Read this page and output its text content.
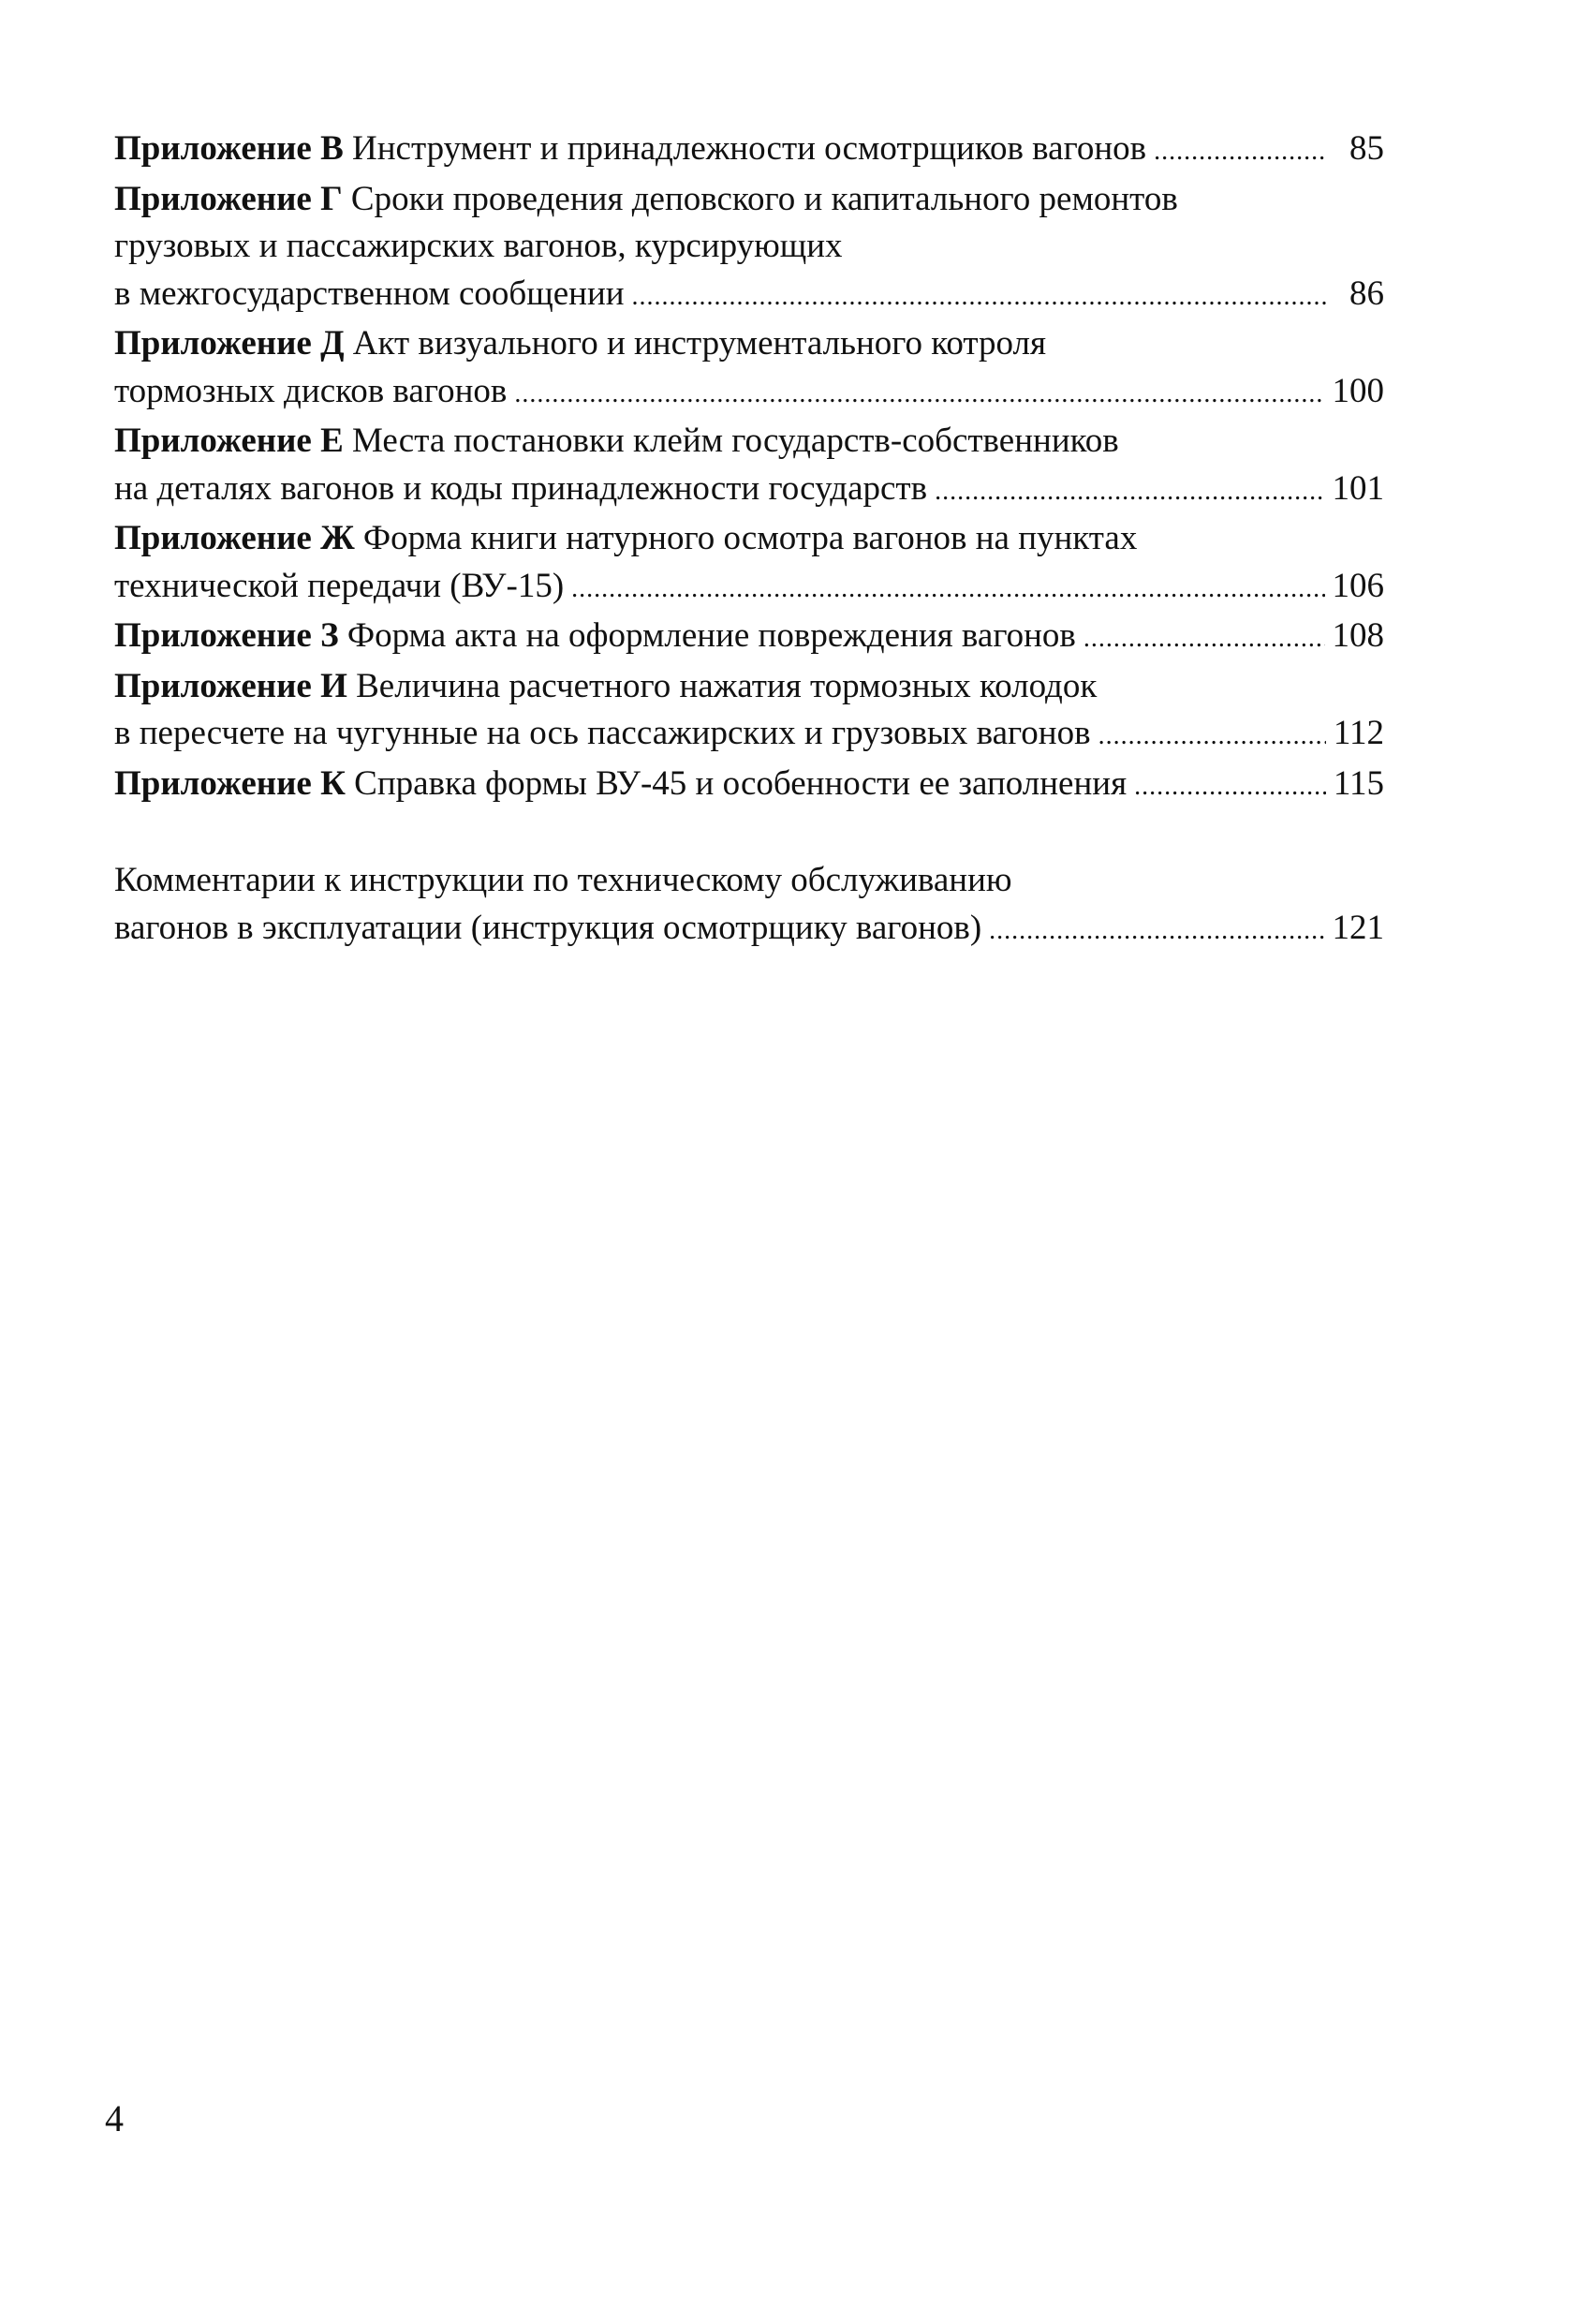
Приложение В Инструмент и принадлежности осмотрщиков вагонов . . .	85
Приложение Г Сроки проведения деповского и капитального ремонтов
грузовых и пассажирских вагонов, курсирующих
в межгосударственном сообщении . . .	86
Приложение Д Акт визуального и инструментального котроля
тормозных дисков вагонов . . .	100
Приложение Е Места постановки клейм государств-собственников
на деталях вагонов и коды принадлежности государств . . .	101
Приложение Ж Форма книги натурного осмотра вагонов на пунктах
технической передачи (ВУ-15) . . .	106
Приложение З Форма акта на оформление повреждения вагонов . . .	108
Приложение И Величина расчетного нажатия тормозных колодок
в пересчете на чугунные на ось пассажирских и грузовых вагонов . . .	112
Приложение К Справка формы ВУ-45 и особенности ее заполнения . . .	115
Комментарии к инструкции по техническому обслуживанию
вагонов в эксплуатации (инструкция осмотрщику вагонов) . . .	121
4
